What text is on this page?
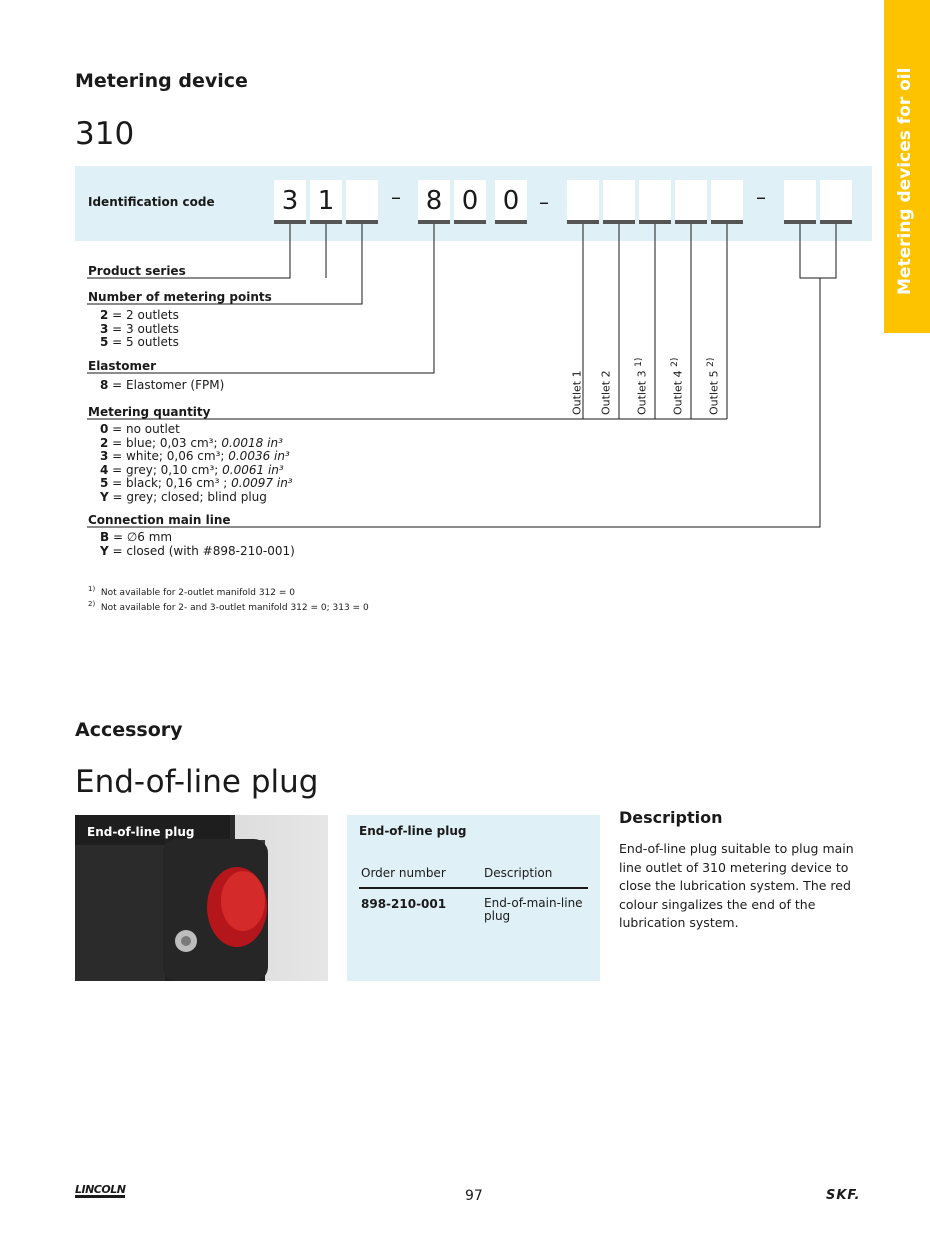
Metering devices for oil
Metering device
310
Identification code	3 1	– 8 0 0 –	–
Product series
Number of metering points
2 = 2 outlets
3 = 3 outlets
5 = 5 outlets
Elastomer
8 = Elastomer (FPM)
Metering quantity
0 = no outlet
2 = blue; 0,03 cm³; 0.0018 in³
3 = white; 0,06 cm³; 0.0036 in³
4 = grey; 0,10 cm³; 0.0061 in³
5 = black; 0,16 cm³ ; 0.0097 in³
Y = grey; closed; blind plug
Connection main line
B = ∅6 mm
Y = closed (with #898-210-001)
Outlet 1 Outlet 2 Outlet 3 $^{1)}$
Outlet 4 $^{2)}$
Outlet 5 $^{2)}$
$^{1)}$ Not available for 2-outlet manifold 312 = 0
$^{2)}$ Not available for 2- and 3-outlet manifold 312 = 0; 313 = 0
Accessory
End-of-line plug
End-of-line plug	End-of-line plug
Order number	Description
898-210-001	End-of-main-line plug
Description
End-of-line plug suitable to plug main line outlet of 310 metering device to close the lubrication system. The red colour singalizes the end of the lubrication system.
LINCOLN	97	SKF.
